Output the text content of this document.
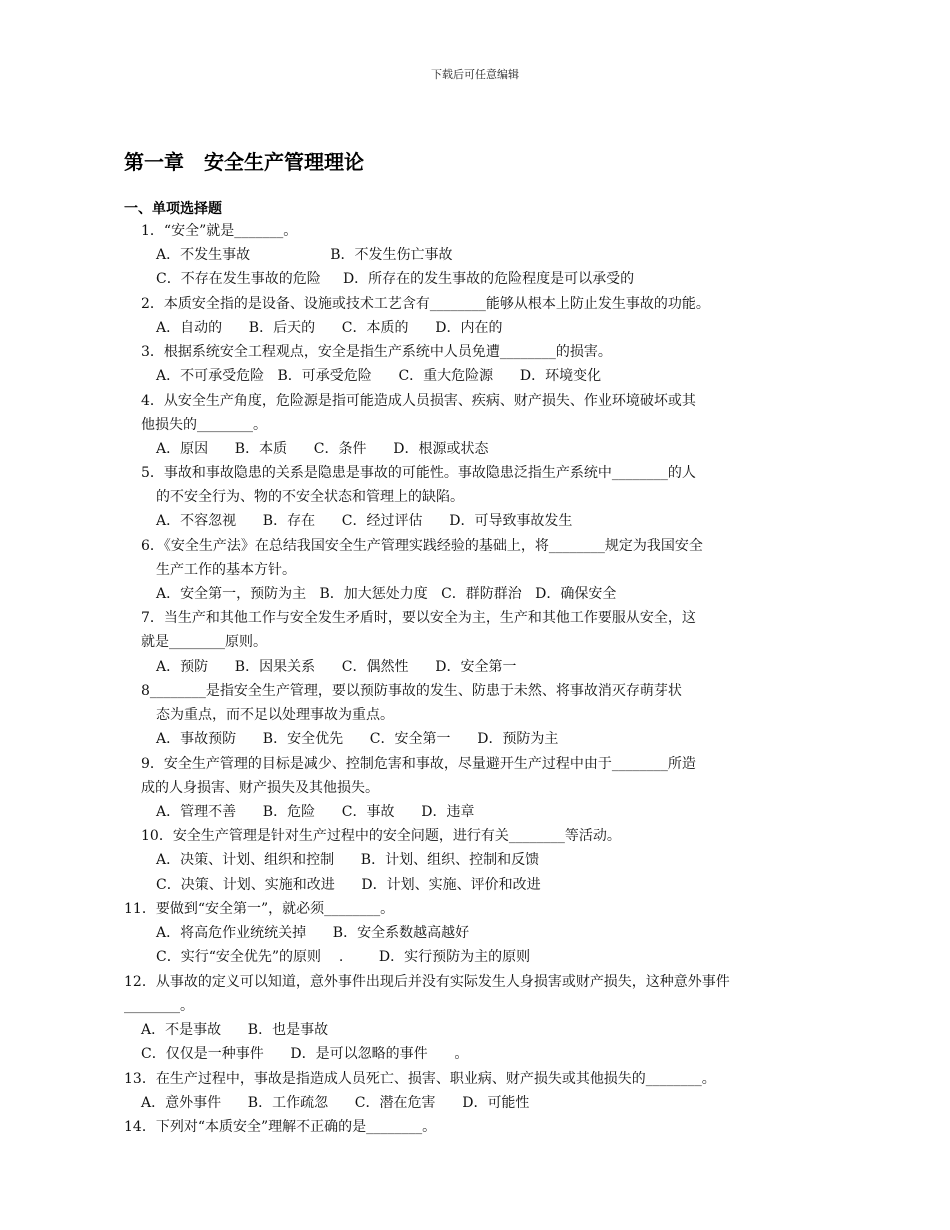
下载后可任意编辑
第一章　安全生产管理理论
一、单项选择题
1．“安全”就是_______。
A．不发生事故                  B．不发生伤亡事故
C．不存在发生事故的危险     D．所存在的发生事故的危险程度是可以承受的
2．本质安全指的是设备、设施或技术工艺含有________能够从根本上防止发生事故的功能。
A．自动的      B．后天的      C．本质的      D．内在的
3．根据系统安全工程观点，安全是指生产系统中人员免遭________的损害。
A．不可承受危险   B．可承受危险      C．重大危险源      D．环境变化
4．从安全生产角度，危险源是指可能造成人员损害、疾病、财产损失、作业环境破坏或其
他损失的________。
A．原因      B．本质      C．条件      D．根源或状态
5．事故和事故隐患的关系是隐患是事故的可能性。事故隐患泛指生产系统中________的人
的不安全行为、物的不安全状态和管理上的缺陷。
A．不容忽视      B．存在      C．经过评估      D．可导致事故发生
6．《安全生产法》在总结我国安全生产管理实践经验的基础上，将________规定为我国安全
生产工作的基本方针。
A．安全第一，预防为主   B．加大惩处力度   C．群防群治   D．确保安全
7．当生产和其他工作与安全发生矛盾时，要以安全为主，生产和其他工作要服从安全，这
就是________原则。
A．预防      B．因果关系      C．偶然性      D．安全第一
8________是指安全生产管理，要以预防事故的发生、防患于未然、将事故消灭存萌芽状
态为重点，而不足以处理事故为重点。
A．事故预防      B．安全优先      C．安全第一      D．预防为主
9．安全生产管理的目标是减少、控制危害和事故，尽量避开生产过程中由于________所造
成的人身损害、财产损失及其他损失。
A．管理不善      B．危险      C．事故      D．违章
10．安全生产管理是针对生产过程中的安全问题，进行有关________等活动。
A．决策、计划、组织和控制      B．计划、组织、控制和反馈
C．决策、计划、实施和改进      D．计划、实施、评价和改进
11．要做到“安全第一”，就必须________。
A．将高危作业统统关掉      B．安全系数越高越好
C．实行“安全优先”的原则    .        D．实行预防为主的原则
12．从事故的定义可以知道，意外事件出现后并没有实际发生人身损害或财产损失，这种意外事件
________。
A．不是事故      B．也是事故
C．仅仅是一种事件      D．是可以忽略的事件      。
13．在生产过程中，事故是指造成人员死亡、损害、职业病、财产损失或其他损失的________。
A．意外事件      B．工作疏忽      C．潜在危害      D．可能性
14．下列对“本质安全”理解不正确的是________。
